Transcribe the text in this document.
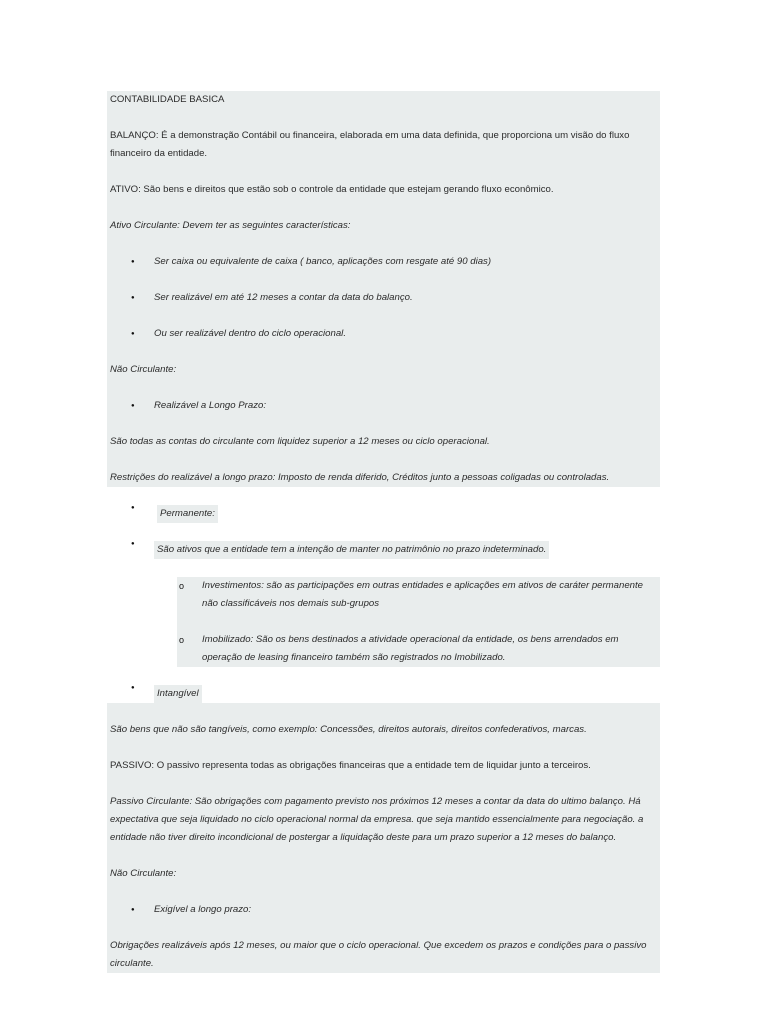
CONTABILIDADE BASICA
BALANÇO: É a demonstração Contábil ou financeira, elaborada em uma data definida, que proporciona um visão do fluxo financeiro da entidade.
ATIVO: São bens e direitos que estão sob o controle da entidade que estejam gerando fluxo econômico.
Ativo Circulante: Devem ter as seguintes características:
● Ser caixa ou equivalente de caixa ( banco, aplicações com resgate até 90 dias)
● Ser realizável em até 12 meses a contar da data do balanço.
● Ou ser realizável dentro do ciclo operacional.
Não Circulante:
● Realizável a Longo Prazo:
São todas as contas do circulante com liquidez superior a 12 meses ou ciclo operacional.
Restrições do realizável a longo prazo: Imposto de renda diferido, Créditos junto a pessoas coligadas ou controladas.
● Permanente:
● São ativos que a entidade tem a intenção de manter no patrimônio no prazo indeterminado.
o Investimentos: são as participações em outras entidades e aplicações em ativos de caráter permanente não classificáveis nos demais sub-grupos
o Imobilizado: São os bens destinados a atividade operacional da entidade, os bens arrendados em operação de leasing financeiro também são registrados no Imobilizado.
● Intangível
São bens que não são tangíveis, como exemplo: Concessões, direitos autorais, direitos confederativos, marcas.
PASSIVO: O passivo representa todas as obrigações financeiras que a entidade tem de liquidar junto a terceiros.
Passivo Circulante: São obrigações com pagamento previsto nos próximos 12 meses a contar da data do ultimo balanço. Há expectativa que seja liquidado no ciclo operacional normal da empresa. que seja mantido essencialmente para negociação. a entidade não tiver direito incondicional de postergar a liquidação deste para um prazo superior a 12 meses do balanço.
Não Circulante:
● Exigível a longo prazo:
Obrigações realizáveis após 12 meses, ou maior que o ciclo operacional. Que excedem os prazos e condições para o passivo circulante.
